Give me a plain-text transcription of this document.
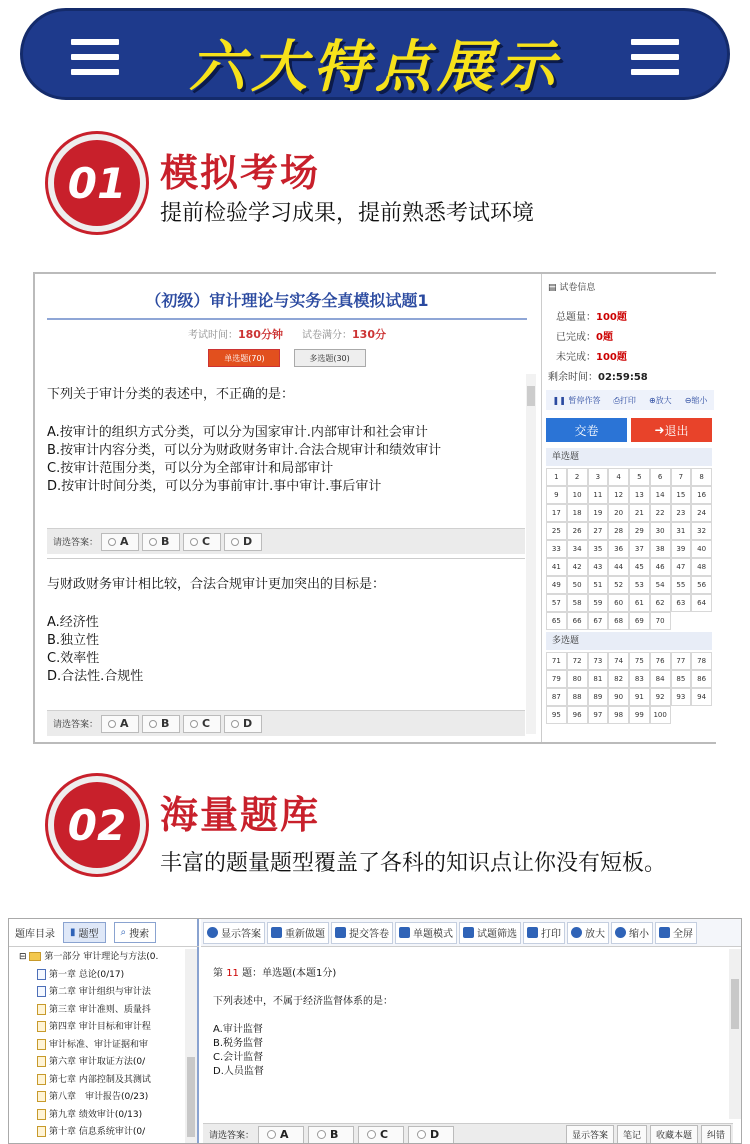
六大特点展示
01 模拟考场
提前检验学习成果，提前熟悉考试环境
（初级）审计理论与实务全真模拟试题1
考试时间：180分钟 试卷满分：130分
单选题(70)	多选题(30)
下列关于审计分类的表述中，不正确的是：
A.按审计的组织方式分类，可以分为国家审计.内部审计和社会审计
B.按审计内容分类，可以分为财政财务审计.合法合规审计和绩效审计
C.按审计范围分类，可以分为全部审计和局部审计
D.按审计时间分类，可以分为事前审计.事中审计.事后审计
请选答案： A	B	C	D
与财政财务审计相比较，合法合规审计更加突出的目标是：
A.经济性
B.独立性
C.效率性
D.合法性.合规性
请选答案： A	B	C	D
▤ 试卷信息
总题量：100题
已完成：0题
未完成：100题
剩余时间：02:59:58
❚❚ 暂停作答 ⎙打印 ⊕放大 ⊖缩小
交卷	➜ 退出
单选题
1	2	3	4	5	6	7	8
9	10	11	12	13	14	15	16
17	18	19	20	21	22	23	24
25	26	27	28	29	30	31	32
33	34	35	36	37	38	39	40
41	42	43	44	45	46	47	48
49	50	51	52	53	54	55	56
57	58	59	60	61	62	63	64
65	66	67	68	69	70
多选题
71	72	73	74	75	76	77	78
79	80	81	82	83	84	85	86
87	88	89	90	91	92	93	94
95	96	97	98	99	100
02 海量题库
丰富的题量题型覆盖了各科的知识点让你没有短板。
题库目录 ▮ 题型 ⌕ 搜索
⊟ 第一部分 审计理论与方法(0.
第一章 总论(0/17)
第二章 审计组织与审计法
第三章 审计准则、质量抖
第四章 审计目标和审计程
审计标准、审计证据和审
第六章 审计取证方法(0/
第七章 内部控制及其测试
第八章　审计报告(0/23)
第九章 绩效审计(0/13)
第十章 信息系统审计(0/
显示答案 重新做题 提交答卷 单题模式 试题筛选 打印 放大 缩小 全屏
第 11 题：单选题(本题1分)
下列表述中，不属于经济监督体系的是：
A.审计监督
B.税务监督
C.会计监督
D.人员监督
请选答案： A	B	C	D	显示答案	笔记	收藏本题	纠错
